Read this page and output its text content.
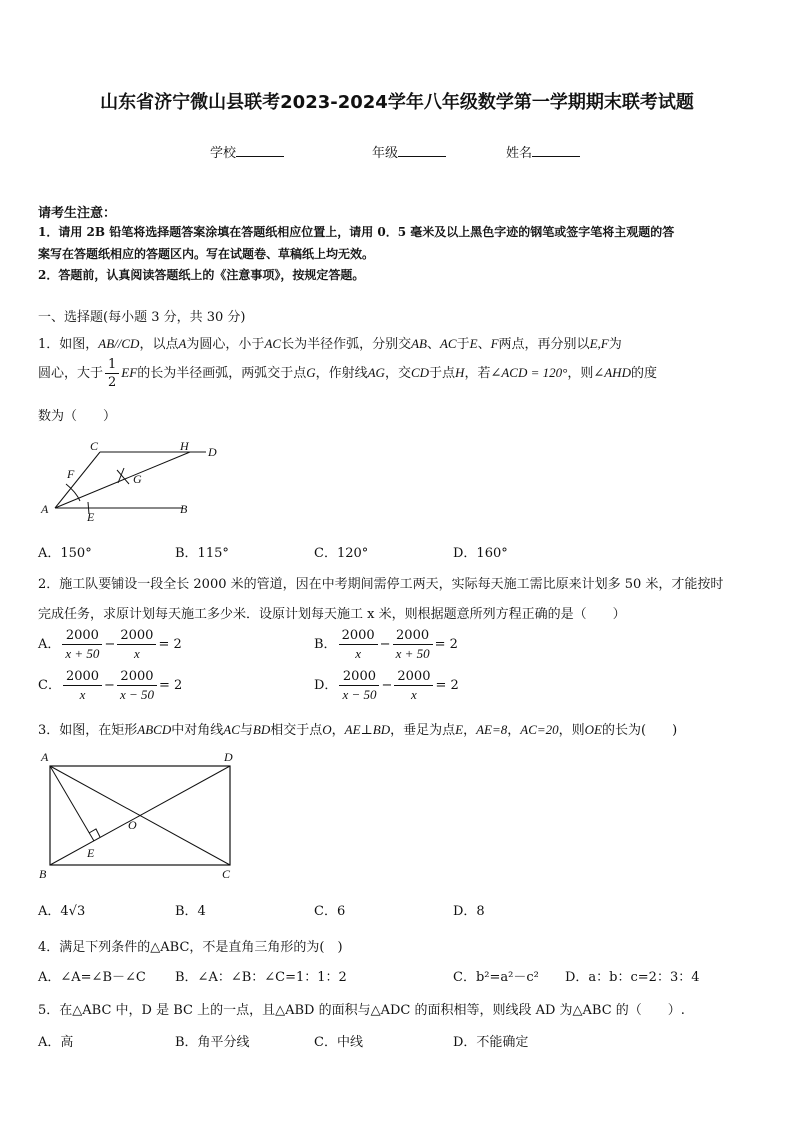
山东省济宁微山县联考2023-2024学年八年级数学第一学期期末联考试题
学校	年级	姓名
请考生注意：
1．请用 2B 铅笔将选择题答案涂填在答题纸相应位置上，请用 0．5 毫米及以上黑色字迹的钢笔或签字笔将主观题的答
案写在答题纸相应的答题区内。写在试题卷、草稿纸上均无效。
2．答题前，认真阅读答题纸上的《注意事项》，按规定答题。
一、选择题(每小题 3 分，共 30 分)
1．如图，AB//CD，以点A为圆心，小于AC长为半径作弧，分别交AB、AC于E、F两点，再分别以E,F为
圆心，大于 $\frac{1}{2}$ EF的长为半径画弧，两弧交于点G，作射线AG，交CD于点H，若∠ACD = 120°，则∠AHD的度
数为（　　）
A	B
C	H D
F	G
E
A．150°	B．115°	C．120°	D．160°
2．施工队要铺设一段全长 2000 米的管道，因在中考期间需停工两天，实际每天施工需比原来计划多 50 米，才能按时
完成任务，求原计划每天施工多少米．设原计划每天施工 x 米，则根据题意所列方程正确的是（　　）
A． $\frac{2000}{x + 50} - \frac{2000}{x} = 2$	B． $\frac{2000}{x} - \frac{2000}{x + 50} = 2$
C． $\frac{2000}{x} - \frac{2000}{x - 50} = 2$	D． $\frac{2000}{x - 50} - \frac{2000}{x} = 2$
3．如图，在矩形ABCD中对角线AC与BD相交于点O，AE⊥BD，垂足为点E，AE=8，AC=20，则OE的长为(　　)
A	D
B	C
O
E
A．4√3	B．4	C．6	D．8
4．满足下列条件的△ABC，不是直角三角形的为(　)
A．∠A=∠B－∠C B．∠A：∠B：∠C=1：1：2	C．b²=a²－c² D．a：b：c=2：3：4
5．在△ABC 中，D 是 BC 上的一点，且△ABD 的面积与△ADC 的面积相等，则线段 AD 为△ABC 的（　　）.
A．高	B．角平分线	C．中线	D．不能确定
